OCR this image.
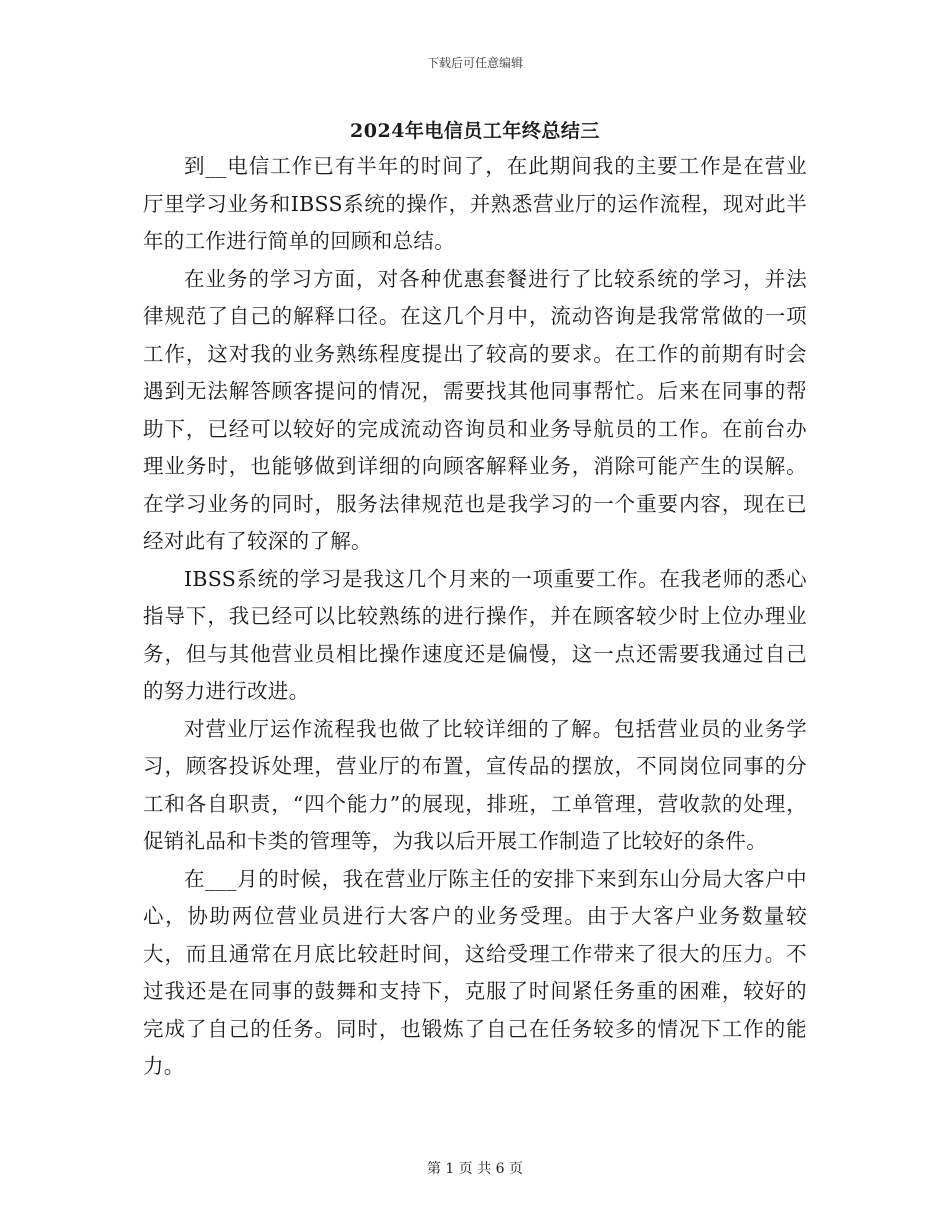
下载后可任意编辑
2024年电信员工年终总结三

到__电信工作已有半年的时间了，在此期间我的主要工作是在营业厅里学习业务和IBSS系统的操作，并熟悉营业厅的运作流程，现对此半年的工作进行简单的回顾和总结。

在业务的学习方面，对各种优惠套餐进行了比较系统的学习，并法律规范了自己的解释口径。在这几个月中，流动咨询是我常常做的一项工作，这对我的业务熟练程度提出了较高的要求。在工作的前期有时会遇到无法解答顾客提问的情况，需要找其他同事帮忙。后来在同事的帮助下，已经可以较好的完成流动咨询员和业务导航员的工作。在前台办理业务时，也能够做到详细的向顾客解释业务，消除可能产生的误解。在学习业务的同时，服务法律规范也是我学习的一个重要内容，现在已经对此有了较深的了解。

IBSS系统的学习是我这几个月来的一项重要工作。在我老师的悉心指导下，我已经可以比较熟练的进行操作，并在顾客较少时上位办理业务，但与其他营业员相比操作速度还是偏慢，这一点还需要我通过自己的努力进行改进。

对营业厅运作流程我也做了比较详细的了解。包括营业员的业务学习，顾客投诉处理，营业厅的布置，宣传品的摆放，不同岗位同事的分工和各自职责，“四个能力”的展现，排班，工单管理，营收款的处理，促销礼品和卡类的管理等，为我以后开展工作制造了比较好的条件。

在___月的时候，我在营业厅陈主任的安排下来到东山分局大客户中心，协助两位营业员进行大客户的业务受理。由于大客户业务数量较大，而且通常在月底比较赶时间，这给受理工作带来了很大的压力。不过我还是在同事的鼓舞和支持下，克服了时间紧任务重的困难，较好的完成了自己的任务。同时，也锻炼了自己在任务较多的情况下工作的能力。

第 1 页 共 6 页
